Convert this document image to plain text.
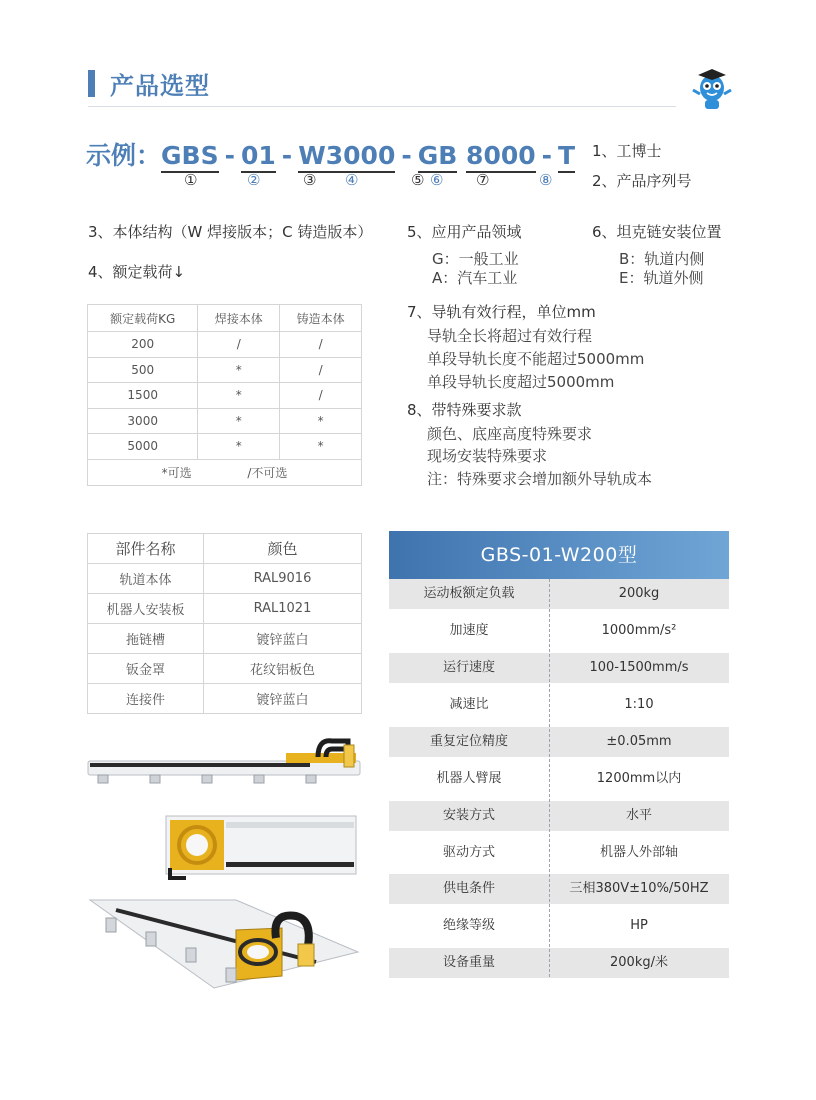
产品选型
示例：GBS - 01 - W3000 - GB 8000 - T
①	②	③ ④	⑤ ⑥ ⑦	⑧
1、工博士
2、产品序列号
3、本体结构（W 焊接版本；C 铸造版本）
4、额定载荷↓
5、应用产品领域
G：一般工业
A：汽车工业
6、坦克链安装位置
B：轨道内侧
E：轨道外侧
7、导轨有效行程，单位mm
导轨全长将超过有效行程
单段导轨长度不能超过5000mm
单段导轨长度超过5000mm
8、带特殊要求款
颜色、底座高度特殊要求
现场安装特殊要求
注：特殊要求会增加额外导轨成本
额定载荷KG	焊接本体	铸造本体
200	/	/
500	*	/
1500	*	/
3000	*	*
5000	*	*
*可选 /不可选		
部件名称	颜色
轨道本体	RAL9016
机器人安装板	RAL1021
拖链槽	镀锌蓝白
钣金罩	花纹铝板色
连接件	镀锌蓝白
GBS-01-W200型
运动板额定负载	200kg
加速度	1000mm/s²
运行速度	100-1500mm/s
减速比	1:10
重复定位精度	±0.05mm
机器人臂展	1200mm以内
安装方式	水平
驱动方式	机器人外部轴
供电条件	三相380V±10%/50HZ
绝缘等级	HP
设备重量	200kg/米
